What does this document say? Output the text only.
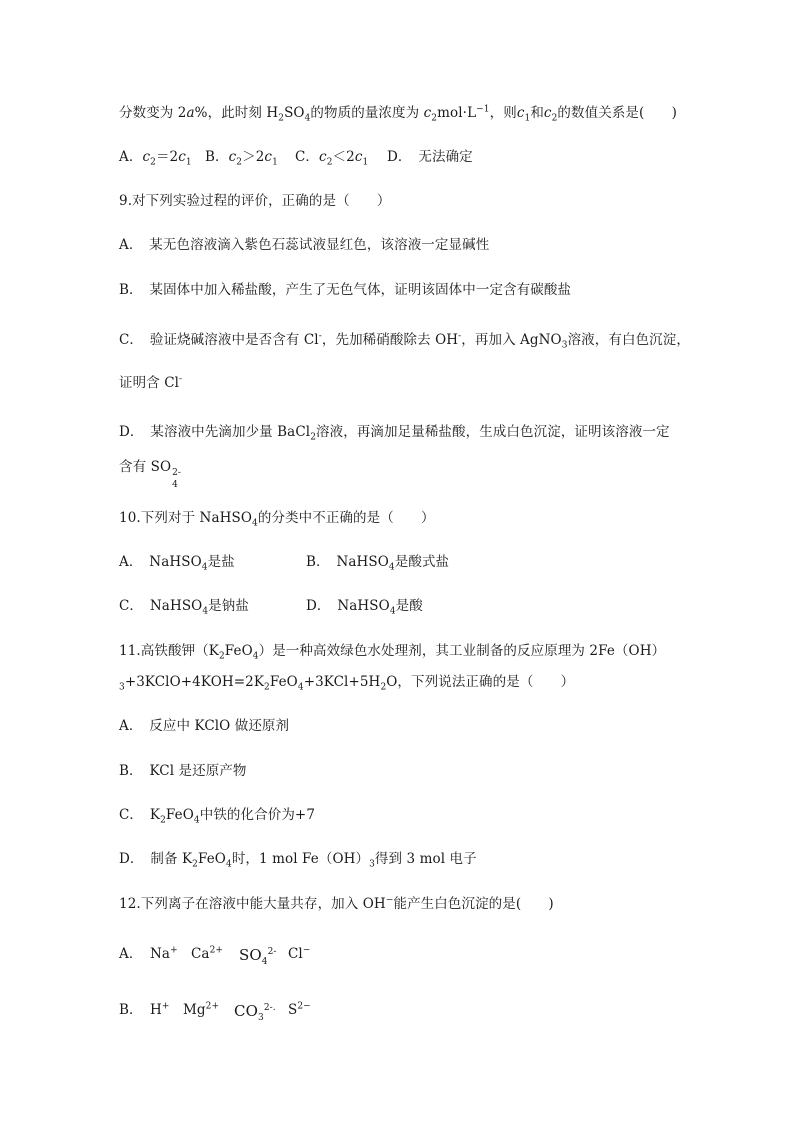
分数变为 2a%，此时刻 $H_2SO_4$的物质的量浓度为 $c_2mol\cdot L^{-1}$，则$c_1$和$c_2$的数值关系是(　　)
A．$c_2=2c_1$ B．$c_2>2c_1$ C．$c_2<2c_1$ D．　无法确定
9.对下列实验过程的评价，正确的是（　　）
A．　某无色溶液滴入紫色石蕊试液显红色，该溶液一定显碱性
B．　某固体中加入稀盐酸，产生了无色气体，证明该固体中一定含有碳酸盐
C．　验证烧碱溶液中是否含有 Cl-，先加稀硝酸除去 OH-，再加入 AgNO$_3$溶液，有白色沉淀，
证明含 Cl-
D．　某溶液中先滴加少量 BaCl$_2$溶液，再滴加足量稀盐酸，生成白色沉淀，证明该溶液一定
含有 SO 2-
4
10.下列对于 NaHSO$_4$的分类中不正确的是（　　）
A．　NaHSO$_4$是盐	B．　NaHSO$_4$是酸式盐
C．　NaHSO$_4$是钠盐	D．　NaHSO$_4$是酸
11.高铁酸钾$(K_2FeO_4)$是一种高效绿色水处理剂，其工业制备的反应原理为 2Fe（OH）
$_3+3KClO+4KOH=2K_2FeO_4+3KCl+5H_2O$，下列说法正确的是（　　）
A．　反应中 KClO 做还原剂
B．　KCl 是还原产物
C．　$K_2FeO_4$中铁的化合价为+7
D．　制备 $K_2FeO_4$时，1 mol $Fe(OH)_3$得到 3 mol 电子
12.下列离子在溶液中能大量共存，加入 OH−能产生白色沉淀的是(　　)
A． Na+ $Ca^{2+}$ $SO_4^{2-}$ Cl−
B． H+ $Mg^{2+}$ $CO_3^{2-.}$ $S^{2-}$
